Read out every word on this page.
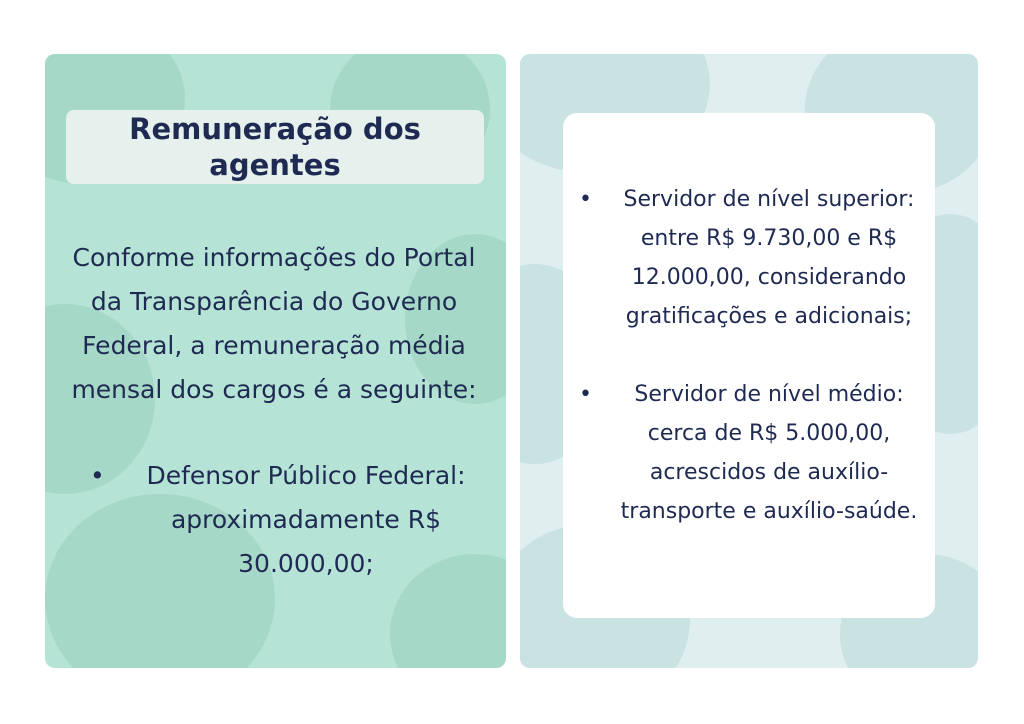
Remuneração dos agentes
Conforme informações do Portal da Transparência do Governo Federal, a remuneração média mensal dos cargos é a seguinte:
• Defensor Público Federal: aproximadamente R$ 30.000,00;
• Servidor de nível superior: entre R$ 9.730,00 e R$ 12.000,00, considerando gratificações e adicionais;
• Servidor de nível médio: cerca de R$ 5.000,00, acrescidos de auxílio-transporte e auxílio-saúde.
